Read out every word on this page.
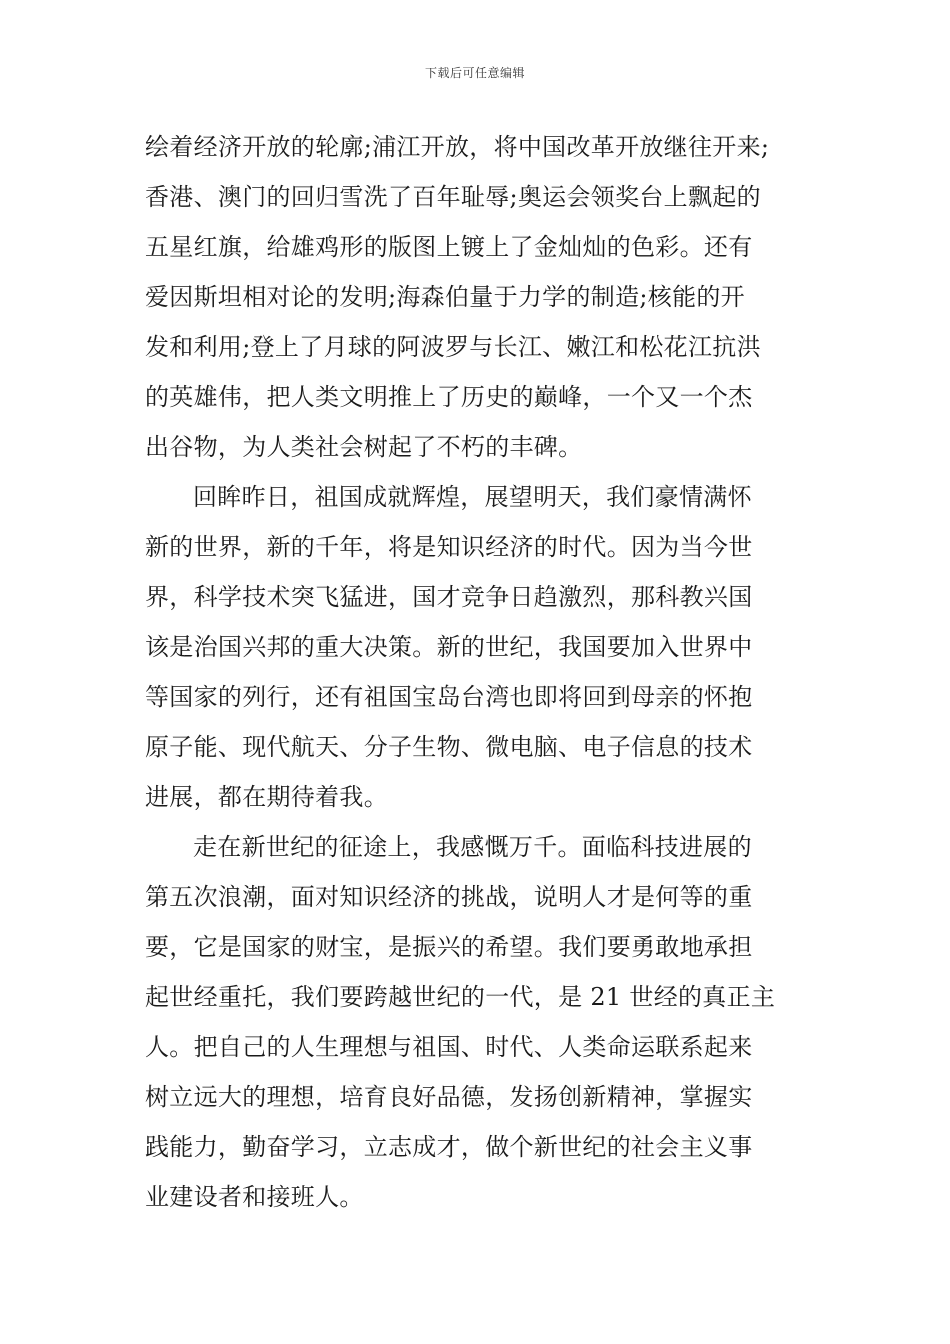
下载后可任意编辑
绘着经济开放的轮廓;浦江开放，将中国改革开放继往开来;
香港、澳门的回归雪洗了百年耻辱;奥运会领奖台上飘起的
五星红旗，给雄鸡形的版图上镀上了金灿灿的色彩。还有
爱因斯坦相对论的发明;海森伯量于力学的制造;核能的开
发和利用;登上了月球的阿波罗与长江、嫩江和松花江抗洪
的英雄伟，把人类文明推上了历史的巅峰，一个又一个杰
出谷物，为人类社会树起了不朽的丰碑。
回眸昨日，祖国成就辉煌，展望明天，我们豪情满怀
新的世界，新的千年，将是知识经济的时代。因为当今世
界，科学技术突飞猛进，国才竞争日趋激烈，那科教兴国
该是治国兴邦的重大决策。新的世纪，我国要加入世界中
等国家的列行，还有祖国宝岛台湾也即将回到母亲的怀抱
原子能、现代航天、分子生物、微电脑、电子信息的技术
进展，都在期待着我。
走在新世纪的征途上，我感慨万千。面临科技进展的
第五次浪潮，面对知识经济的挑战，说明人才是何等的重
要，它是国家的财宝，是振兴的希望。我们要勇敢地承担
起世经重托，我们要跨越世纪的一代，是 21 世经的真正主
人。把自己的人生理想与祖国、时代、人类命运联系起来
树立远大的理想，培育良好品德，发扬创新精神，掌握实
践能力，勤奋学习，立志成才，做个新世纪的社会主义事
业建设者和接班人。
